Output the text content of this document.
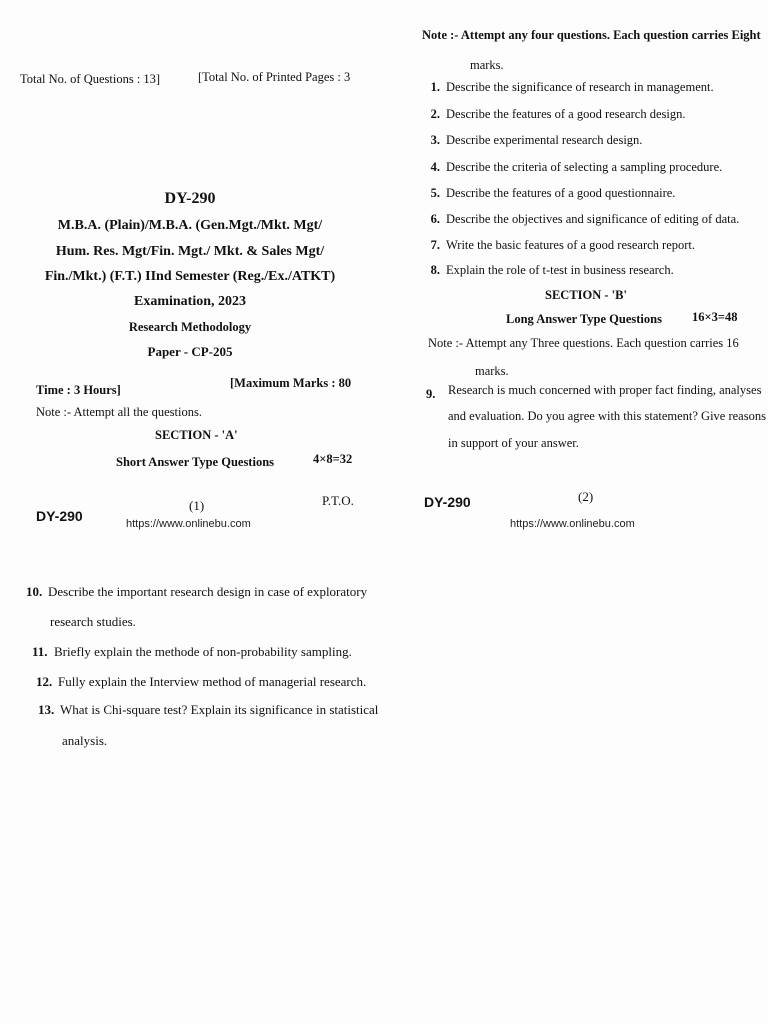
Total No. of Questions : 13]	[Total No. of Printed Pages : 3
DY-290
M.B.A. (Plain)/M.B.A. (Gen.Mgt./Mkt. Mgt/
Hum. Res. Mgt/Fin. Mgt./ Mkt. & Sales Mgt/
Fin./Mkt.) (F.T.) IInd Semester (Reg./Ex./ATKT)
Examination, 2023
Research Methodology
Paper - CP-205
Time : 3 Hours]	[Maximum Marks : 80
Note :- Attempt all the questions.
SECTION - 'A'
Short Answer Type Questions	4×8=32
DY-290
(1)	P.T.O.
https://www.onlinebu.com
Note :- Attempt any four questions. Each question carries Eight
marks.
1. Describe the significance of research in management.
2. Describe the features of a good research design.
3. Describe experimental research design.
4. Describe the criteria of selecting a sampling procedure.
5. Describe the features of a good questionnaire.
6. Describe the objectives and significance of editing of data.
7. Write the basic features of a good research report.
8. Explain the role of t-test in business research.
SECTION - 'B'
Long Answer Type Questions 16×3=48
Note :- Attempt any Three questions. Each question carries 16
marks.
9.	Research is much concerned with proper fact finding, analyses
and evaluation. Do you agree with this statement? Give reasons
in support of your answer.
DY-290	(2)
https://www.onlinebu.com
10. Describe the important research design in case of exploratory
research studies.
11. Briefly explain the methode of non-probability sampling.
12. Fully explain the Interview method of managerial research.
13. What is Chi-square test? Explain its significance in statistical
analysis.
